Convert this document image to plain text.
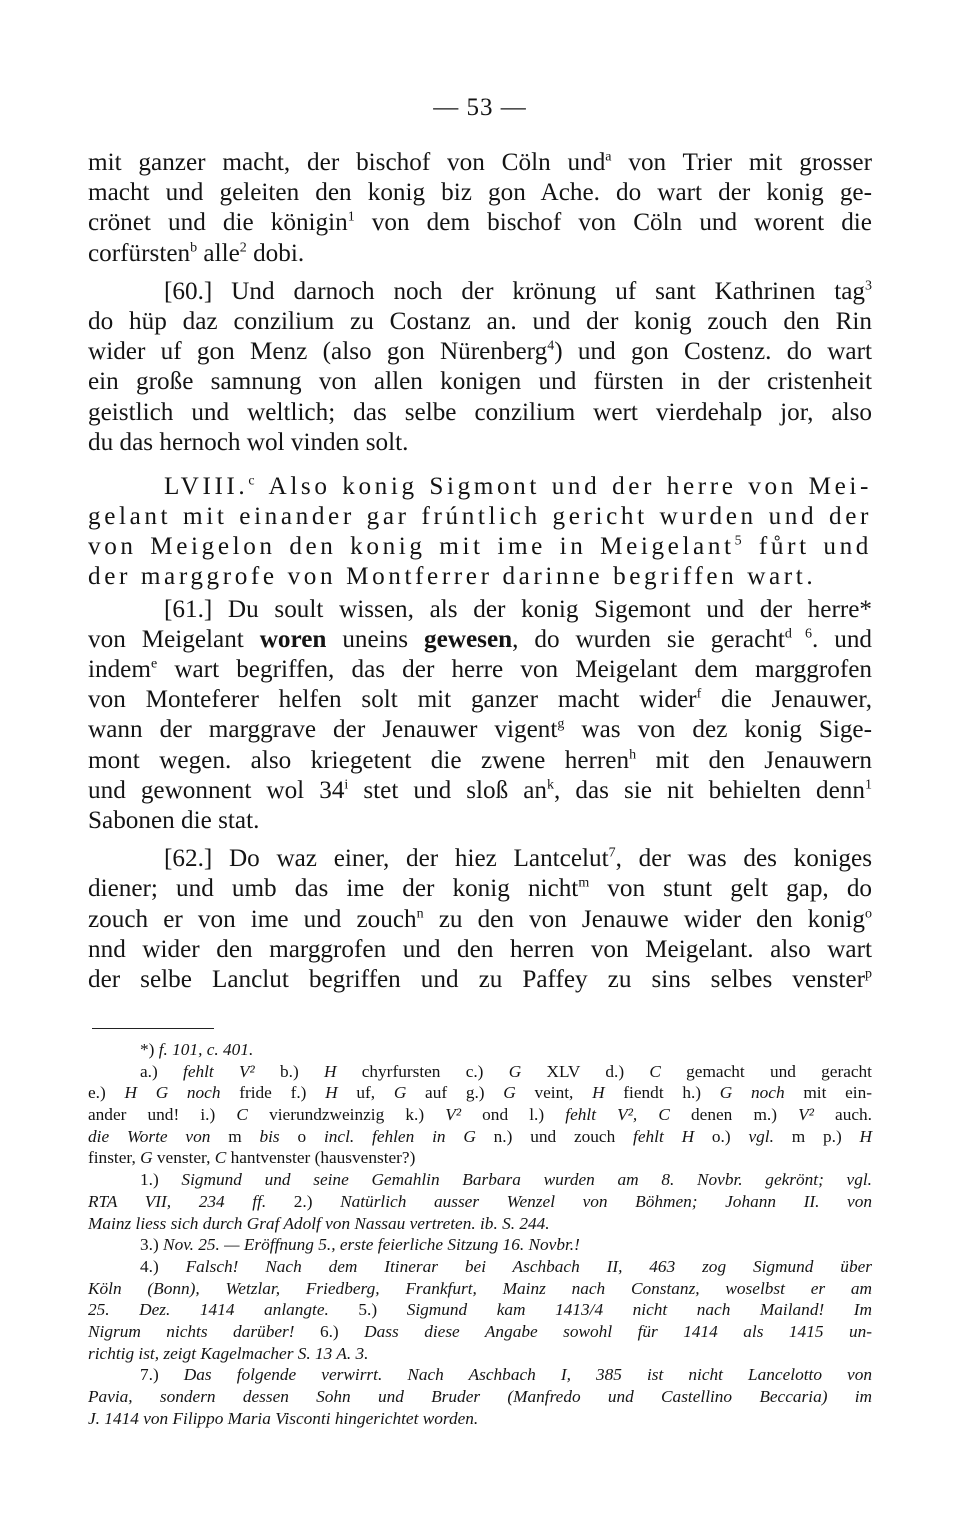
— 53 —
mit ganzer macht, der bischof von Cöln und$^a$ von Trier mit grosser
macht und geleiten den konig biz gon Ache. do wart der konig ge-
crönet und die königin$^1$ von dem bischof von Cöln und worent die
corfürsten$^b$ alle$^2$ dobi.
[60.] Und darnoch noch der krönung uf sant Kathrinen tag$^3$
do hüp daz conzilium zu Costanz an. und der konig zouch den Rin
wider uf gon Menz (also gon Nürenberg$^4$) und gon Costenz. do wart
ein große samnung von allen konigen und fürsten in der cristenheit
geistlich und weltlich; das selbe conzilium wert vierdehalp jor, also
du das hernoch wol vinden solt.
LVIII.$^c$ Also konig Sigmont und der herre von Mei-
gelant mit einander gar frúntlich gericht wurden und der
von Meigelon den konig mit ime in Meigelant$^5$ fůrt und
der marggrofe von Montferrer darinne begriffen wart.
[61.] Du soult wissen, als der konig Sigemont und der herre*
von Meigelant woren uneins gewesen, do wurden sie geracht$^{d 6}$. und
indem$^e$ wart begriffen, das der herre von Meigelant dem marggrofen
von Monteferer helfen solt mit ganzer macht wider$^f$ die Jenauwer,
wann der marggrave der Jenauwer vigent$^g$ was von dez konig Sige-
mont wegen. also kriegetent die zwene herren$^h$ mit den Jenauwern
und gewonnent wol 34$^i$ stet und sloß $an^k$, das sie nit behielten denn$^1$
Sabonen die stat.
[62.] Do waz einer, der hiez Lantcelut$^7$, der was des koniges
diener; und umb das ime der konig nicht$^m$ von stunt gelt gap, do
zouch er von ime und zouch$^n$ zu den von Jenauwe wider den konig$^o$
nnd wider den marggrofen und den herren von Meigelant. also wart
der selbe Lanclut begriffen und zu Paffey zu sins selbes venster$^p$
*) f. 101, c. 401.
a.) fehlt V² b.) H chyrfursten c.) G XLV d.) C gemacht und geracht
e.) H G noch fride f.) H uf, G auf g.) G veint, H fiendt h.) G noch mit ein-
ander und! i.) C vierundzweinzig k.) V² ond l.) fehlt V², C denen m.) V² auch.
die Worte von m bis o incl. fehlen in G n.) und zouch fehlt H o.) vgl. m p.) H
finster, G venster, C hantvenster (hausvenster?)
1.) Sigmund und seine Gemahlin Barbara wurden am 8. Novbr. gekrönt; vgl.
RTA VII, 234 ff. 2.) Natürlich ausser Wenzel von Böhmen; Johann II. von
Mainz liess sich durch Graf Adolf von Nassau vertreten. ib. S. 244.
3.) Nov. 25. — Eröffnung 5., erste feierliche Sitzung 16. Novbr.!
4.) Falsch! Nach dem Itinerar bei Aschbach II, 463 zog Sigmund über
Köln (Bonn), Wetzlar, Friedberg, Frankfurt, Mainz nach Constanz, woselbst er am
25. Dez. 1414 anlangte. 5.) Sigmund kam 1413/4 nicht nach Mailand! Im
Nigrum nichts darüber! 6.) Dass diese Angabe sowohl für 1414 als 1415 un-
richtig ist, zeigt Kagelmacher S. 13 A. 3.
7.) Das folgende verwirrt. Nach Aschbach I, 385 ist nicht Lancelotto von
Pavia, sondern dessen Sohn und Bruder (Manfredo und Castellino Beccaria) im
J. 1414 von Filippo Maria Visconti hingerichtet worden.
